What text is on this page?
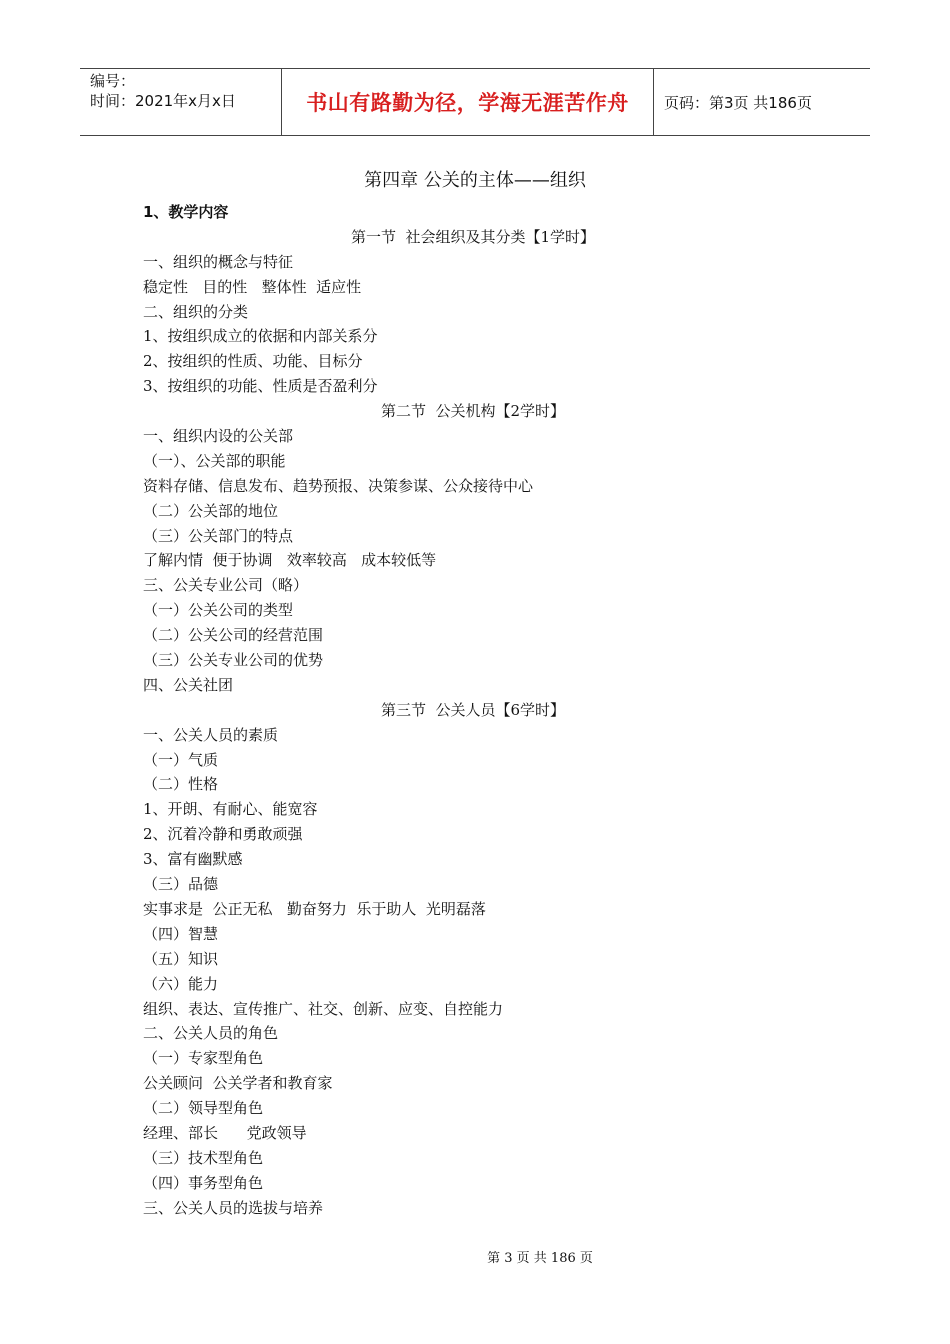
编号：
时间：2021年x月x日	书山有路勤为径，学海无涯苦作舟	页码：第3页 共186页
第四章 公关的主体——组织
1、教学内容
第一节  社会组织及其分类【1学时】
一、组织的概念与特征
稳定性   目的性   整体性  适应性
二、组织的分类
1、按组织成立的依据和内部关系分
2、按组织的性质、功能、目标分
3、按组织的功能、性质是否盈利分
第二节  公关机构【2学时】
一、组织内设的公关部
（一）、公关部的职能
资料存储、信息发布、趋势预报、决策参谋、公众接待中心
（二）公关部的地位
（三）公关部门的特点
了解内情  便于协调   效率较高   成本较低等
三、公关专业公司（略）
（一）公关公司的类型
（二）公关公司的经营范围
（三）公关专业公司的优势
四、公关社团
第三节  公关人员【6学时】
一、公关人员的素质
（一）气质
（二）性格
1、开朗、有耐心、能宽容
2、沉着冷静和勇敢顽强
3、富有幽默感
（三）品德
实事求是  公正无私   勤奋努力  乐于助人  光明磊落
（四）智慧
（五）知识
（六）能力
组织、表达、宣传推广、社交、创新、应变、自控能力
二、公关人员的角色
（一）专家型角色
公关顾问  公关学者和教育家
（二）领导型角色
经理、部长      党政领导
（三）技术型角色
（四）事务型角色
三、公关人员的选拔与培养
第 3 页 共 186 页
